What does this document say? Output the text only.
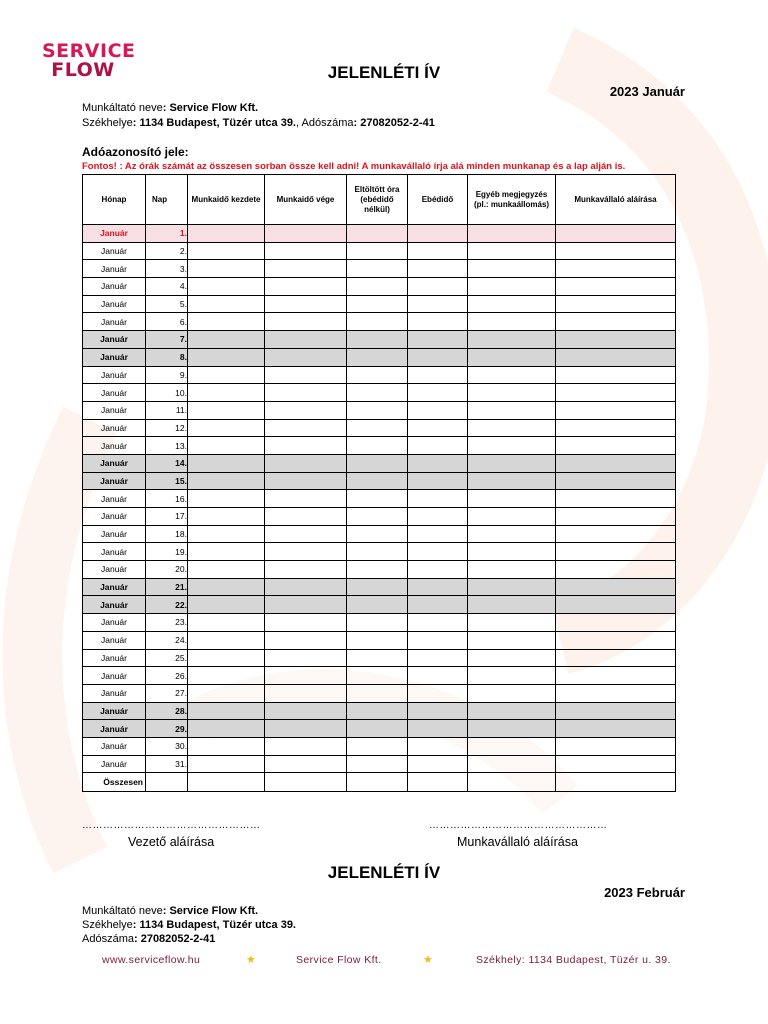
SERVICE
FLOW	JELENLÉTI ÍV
2023 Január
Munkáltató neve: Service Flow Kft.
Székhelye: 1134 Budapest, Tüzér utca 39., Adószáma: 27082052-2-41
Adóazonosító jele:
Fontos! : Az órák számát az összesen sorban össze kell adni! A munkavállaló írja alá minden munkanap és a lap alján is.
Hónap	Nap	Munkaidő kezdete	Munkaidő vége	Eltöltött óra (ebédidő nélkül)	Ebédidő	Egyéb megjegyzés (pl.: munkaállomás)	Munkavállaló aláírása
Január	1.						
Január	2.						
Január	3.						
Január	4.						
Január	5.						
Január	6.						
Január	7.						
Január	8.						
Január	9.						
Január	10.						
Január	11.						
Január	12.						
Január	13.						
Január	14.						
Január	15.						
Január	16.						
Január	17.						
Január	18.						
Január	19.						
Január	20.						
Január	21.						
Január	22.						
Január	23.						
Január	24.						
Január	25.						
Január	26.						
Január	27.						
Január	28.						
Január	29.						
Január	30.						
Január	31.						
Összesen							
……………………………………………	……………………………………………
Vezető aláírása	Munkavállaló aláírása
JELENLÉTI ÍV
2023 Február
Munkáltató neve: Service Flow Kft.
Székhelye: 1134 Budapest, Tüzér utca 39.
Adószáma: 27082052-2-41
www.serviceflow.hu	★	Service Flow Kft.	★	Székhely: 1134 Budapest, Tüzér u. 39.
